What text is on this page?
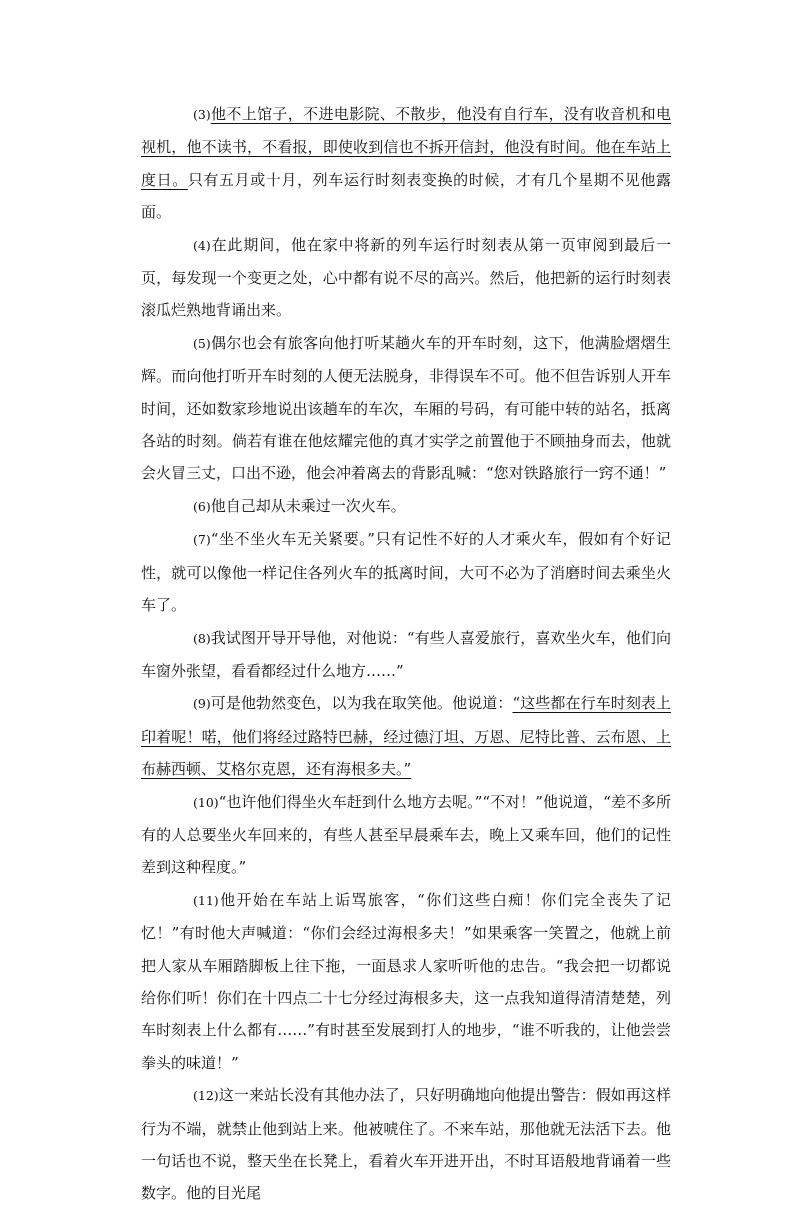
(3)他不上馆子，不进电影院、不散步，他没有自行车，没有收音机和电视机，他不读书，不看报，即使收到信也不拆开信封，他没有时间。他在车站上度日。只有五月或十月，列车运行时刻表变换的时候，才有几个星期不见他露面。

(4)在此期间，他在家中将新的列车运行时刻表从第一页审阅到最后一页，每发现一个变更之处，心中都有说不尽的高兴。然后，他把新的运行时刻表滚瓜烂熟地背诵出来。

(5)偶尔也会有旅客向他打听某趟火车的开车时刻，这下，他满脸熠熠生辉。而向他打听开车时刻的人便无法脱身，非得误车不可。他不但告诉别人开车时间，还如数家珍地说出该趟车的车次，车厢的号码，有可能中转的站名，抵离各站的时刻。倘若有谁在他炫耀完他的真才实学之前置他于不顾抽身而去，他就会火冒三丈，口出不逊，他会冲着离去的背影乱喊：“您对铁路旅行一窍不通！”

(6)他自己却从未乘过一次火车。

(7)“坐不坐火车无关紧要。”只有记性不好的人才乘火车，假如有个好记性，就可以像他一样记住各列火车的抵离时间，大可不必为了消磨时间去乘坐火车了。

(8)我试图开导开导他，对他说：“有些人喜爱旅行，喜欢坐火车，他们向车窗外张望，看看都经过什么地方……”

(9)可是他勃然变色，以为我在取笑他。他说道：“这些都在行车时刻表上印着呢！喏，他们将经过路特巴赫，经过德汀坦、万恩、尼特比普、云布恩、上布赫西顿、艾格尔克恩，还有海根多夫。”

(10)“也许他们得坐火车赶到什么地方去呢。”“不对！”他说道，“差不多所有的人总要坐火车回来的，有些人甚至早晨乘车去，晚上又乘车回，他们的记性差到这种程度。”

(11)他开始在车站上诟骂旅客，“你们这些白痴！你们完全丧失了记忆！”有时他大声喊道：“你们会经过海根多夫！”如果乘客一笑置之，他就上前把人家从车厢踏脚板上往下拖，一面恳求人家听听他的忠告。“我会把一切都说给你们听！你们在十四点二十七分经过海根多夫，这一点我知道得清清楚楚，列车时刻表上什么都有……”有时甚至发展到打人的地步，“谁不听我的，让他尝尝拳头的味道！”

(12)这一来站长没有其他办法了，只好明确地向他提出警告：假如再这样行为不端，就禁止他到站上来。他被唬住了。不来车站，那他就无法活下去。他一句话也不说，整天坐在长凳上，看着火车开进开出，不时耳语般地背诵着一些数字。他的目光尾
